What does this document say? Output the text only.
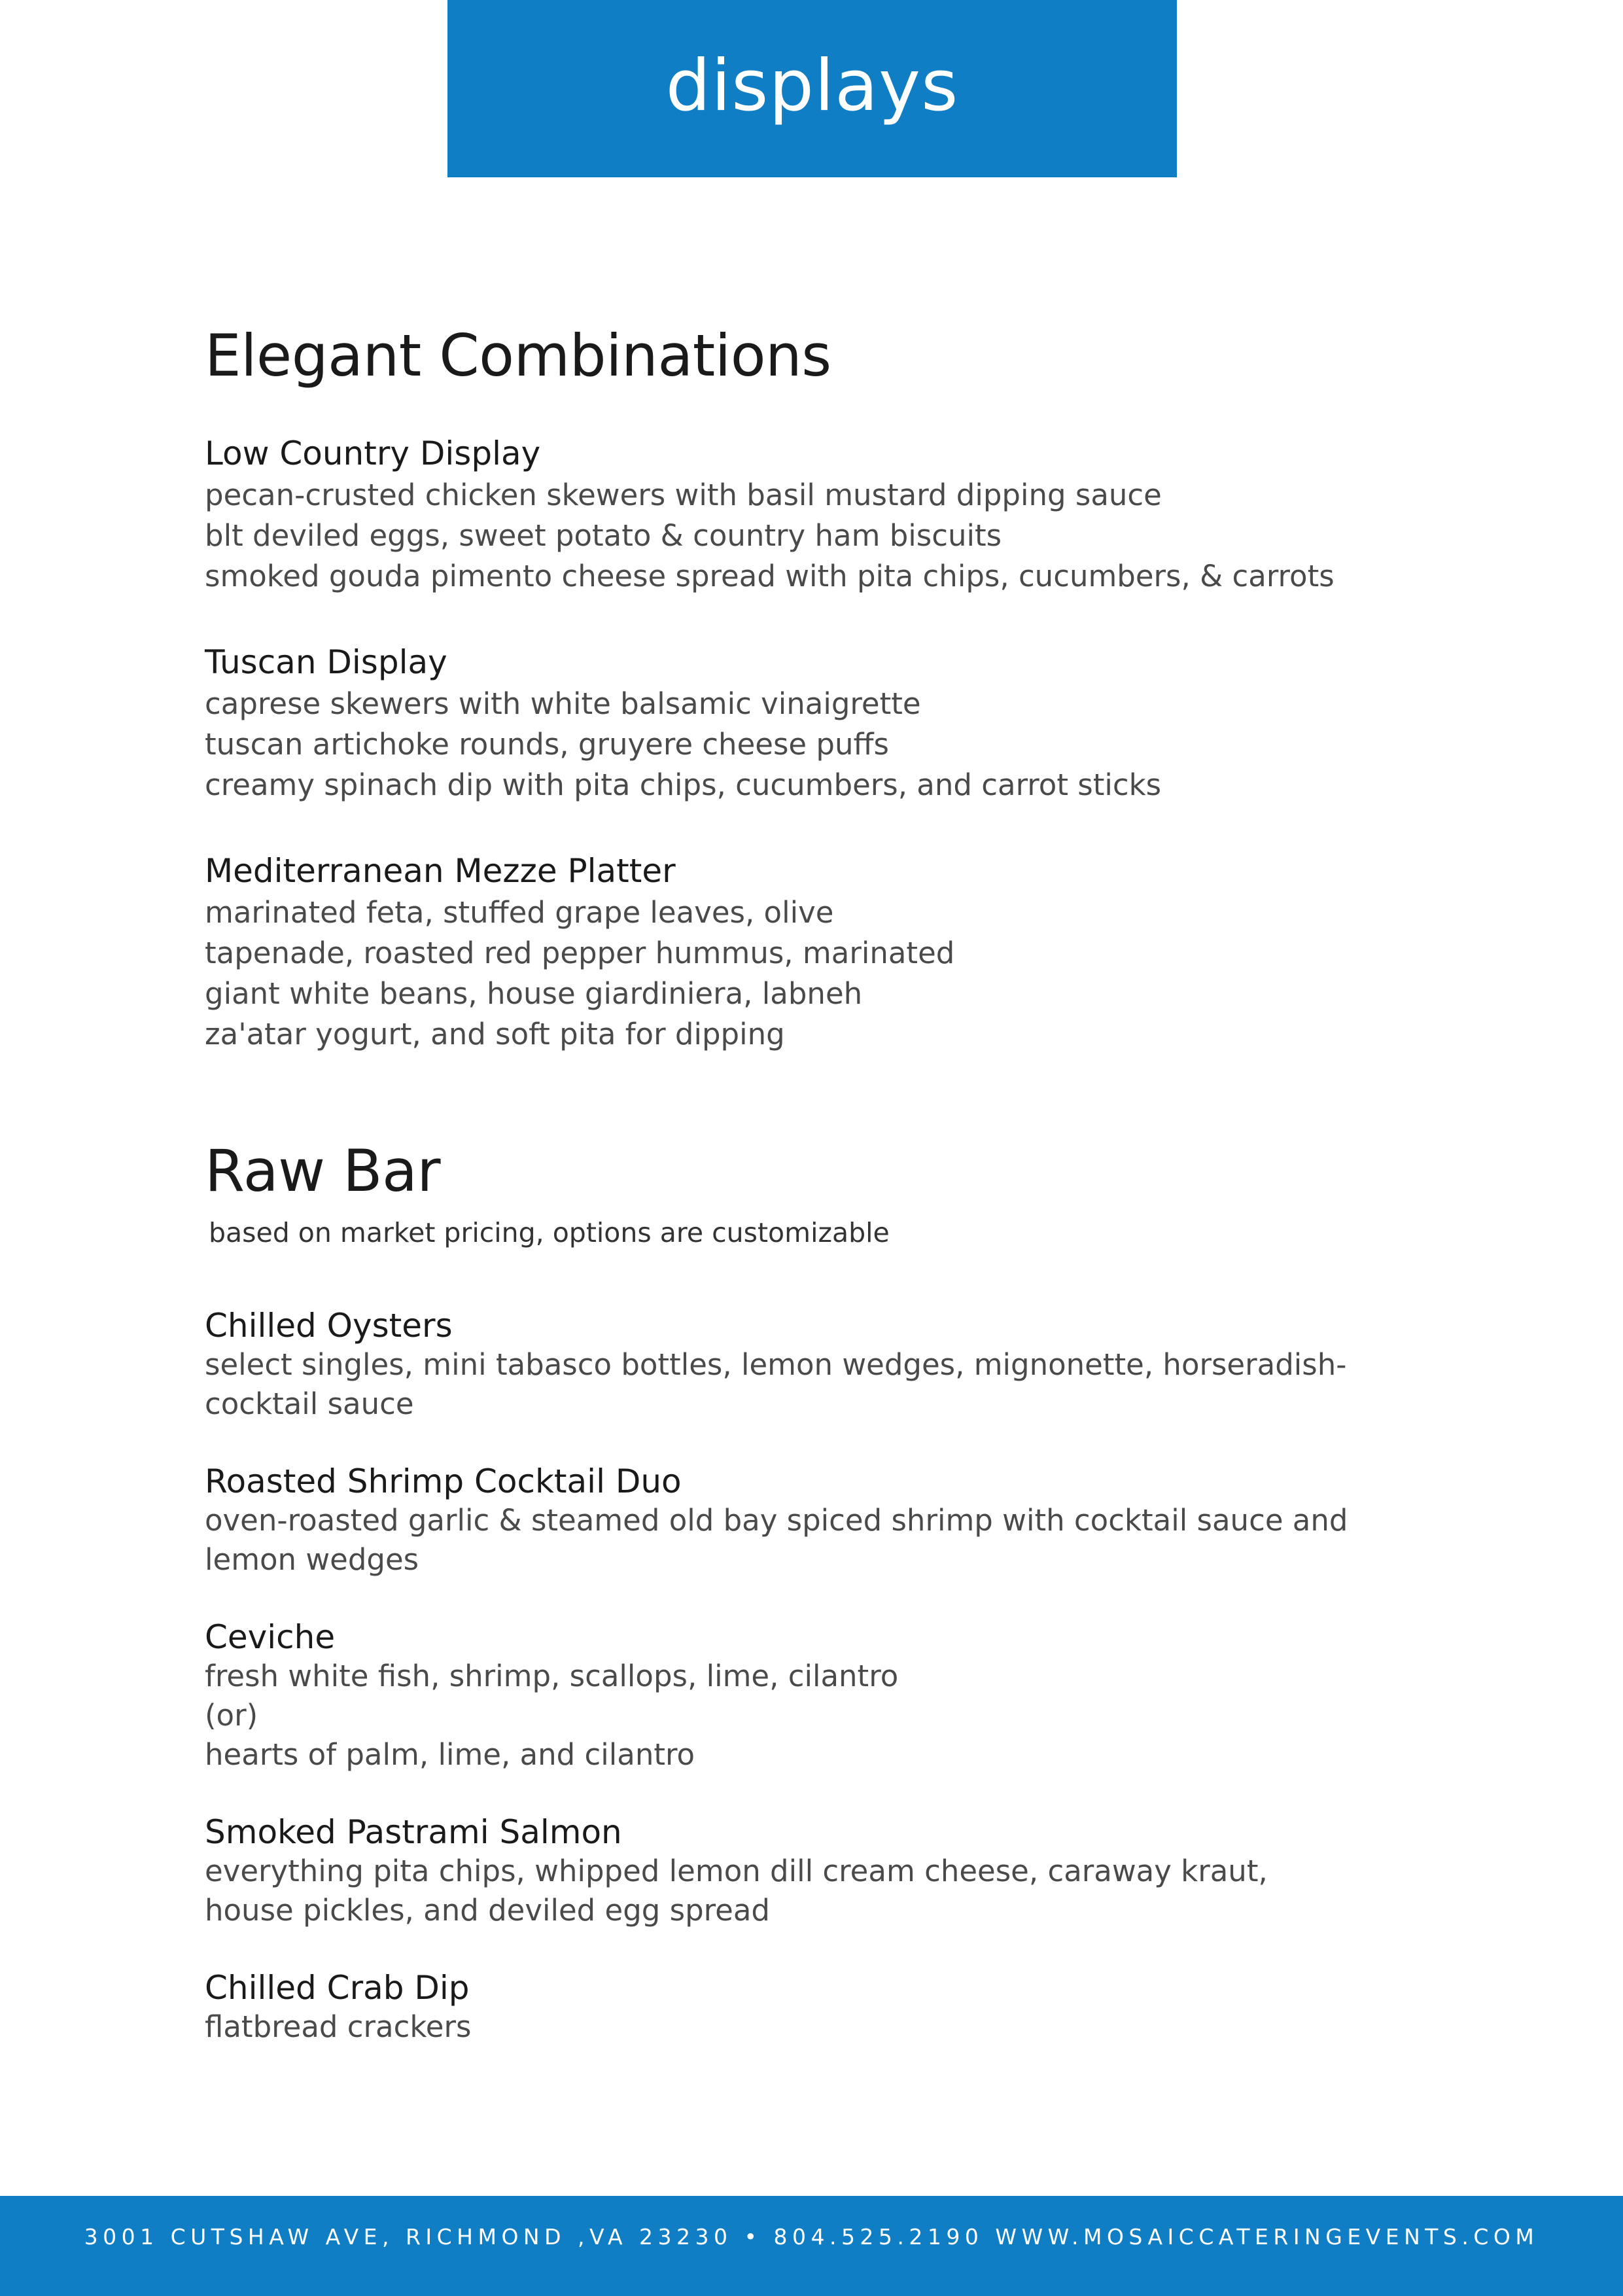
displays
Elegant Combinations
Low Country Display
pecan-crusted chicken skewers with basil mustard dipping sauce
blt deviled eggs, sweet potato & country ham biscuits
smoked gouda pimento cheese spread with pita chips, cucumbers, & carrots
Tuscan Display
caprese skewers with white balsamic vinaigrette
tuscan artichoke rounds, gruyere cheese puffs
creamy spinach dip with pita chips, cucumbers, and carrot sticks
Mediterranean Mezze Platter
marinated feta, stuffed grape leaves, olive
tapenade, roasted red pepper hummus, marinated
giant white beans, house giardiniera, labneh
za'atar yogurt, and soft pita for dipping
Raw Bar
based on market pricing, options are customizable
Chilled Oysters
select singles, mini tabasco bottles, lemon wedges, mignonette, horseradish-
cocktail sauce
Roasted Shrimp Cocktail Duo
oven-roasted garlic & steamed old bay spiced shrimp with cocktail sauce and
lemon wedges
Ceviche
fresh white fish, shrimp, scallops, lime, cilantro
(or)
hearts of palm, lime, and cilantro
Smoked Pastrami Salmon
everything pita chips, whipped lemon dill cream cheese, caraway kraut,
house pickles, and deviled egg spread
Chilled Crab Dip
flatbread crackers
3001 CUTSHAW AVE, RICHMOND ,VA 23230 • 804.525.2190 WWW.MOSAICCATERINGEVENTS.COM
